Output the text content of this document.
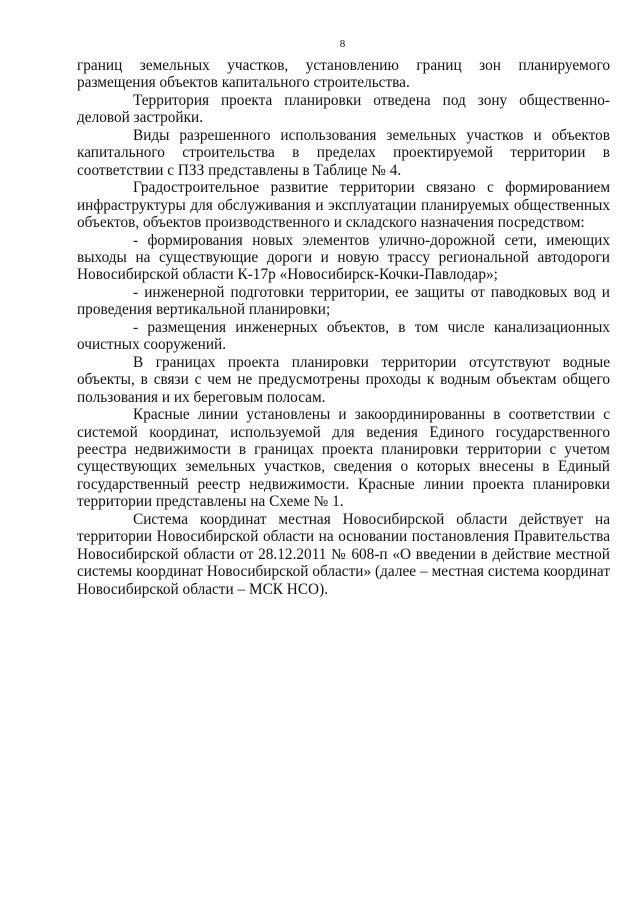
8

границ земельных участков, установлению границ зон планируемого размещения объектов капитального строительства.

Территория проекта планировки отведена под зону общественно-деловой застройки.

Виды разрешенного использования земельных участков и объектов капитального строительства в пределах проектируемой территории в соответствии с ПЗЗ представлены в Таблице № 4.

Градостроительное развитие территории связано с формированием инфраструктуры для обслуживания и эксплуатации планируемых общественных объектов, объектов производственного и складского назначения посредством:

- формирования новых элементов улично-дорожной сети, имеющих выходы на существующие дороги и новую трассу региональной автодороги Новосибирской области К-17р «Новосибирск-Кочки-Павлодар»;

- инженерной подготовки территории, ее защиты от паводковых вод и проведения вертикальной планировки;

- размещения инженерных объектов, в том числе канализационных очистных сооружений.

В границах проекта планировки территории отсутствуют водные объекты, в связи с чем не предусмотрены проходы к водным объектам общего пользования и их береговым полосам.

Красные линии установлены и закоординированны в соответствии с системой координат, используемой для ведения Единого государственного реестра недвижимости в границах проекта планировки территории с учетом существующих земельных участков, сведения о которых внесены в Единый государственный реестр недвижимости. Красные линии проекта планировки территории представлены на Схеме № 1.

Система координат местная Новосибирской области действует на территории Новосибирской области на основании постановления Правительства Новосибирской области от 28.12.2011 № 608-п «О введении в действие местной системы координат Новосибирской области» (далее – местная система координат Новосибирской области – МСК НСО).
